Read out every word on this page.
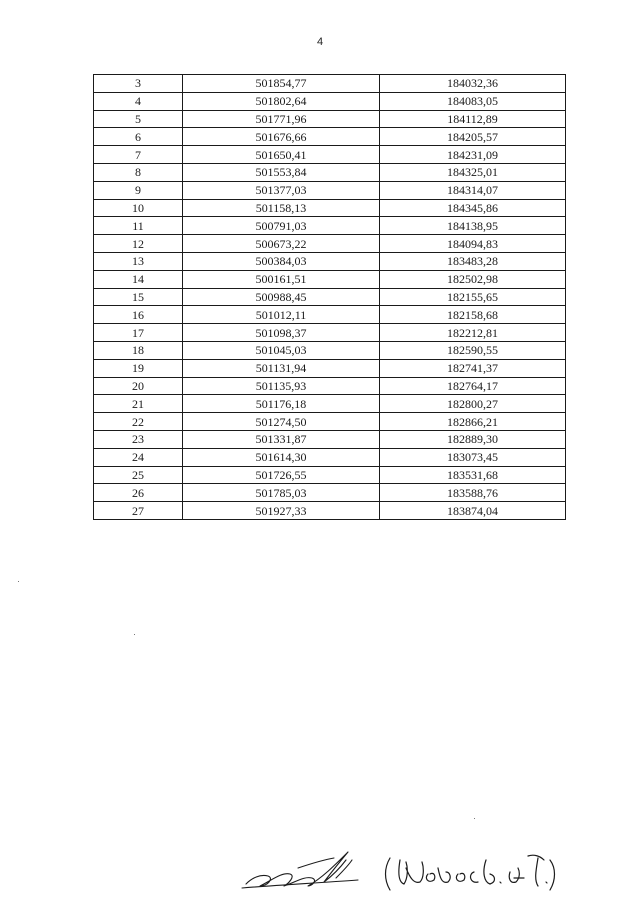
4
3	501854,77	184032,36
4	501802,64	184083,05
5	501771,96	184112,89
6	501676,66	184205,57
7	501650,41	184231,09
8	501553,84	184325,01
9	501377,03	184314,07
10	501158,13	184345,86
11	500791,03	184138,95
12	500673,22	184094,83
13	500384,03	183483,28
14	500161,51	182502,98
15	500988,45	182155,65
16	501012,11	182158,68
17	501098,37	182212,81
18	501045,03	182590,55
19	501131,94	182741,37
20	501135,93	182764,17
21	501176,18	182800,27
22	501274,50	182866,21
23	501331,87	182889,30
24	501614,30	183073,45
25	501726,55	183531,68
26	501785,03	183588,76
27	501927,33	183874,04
